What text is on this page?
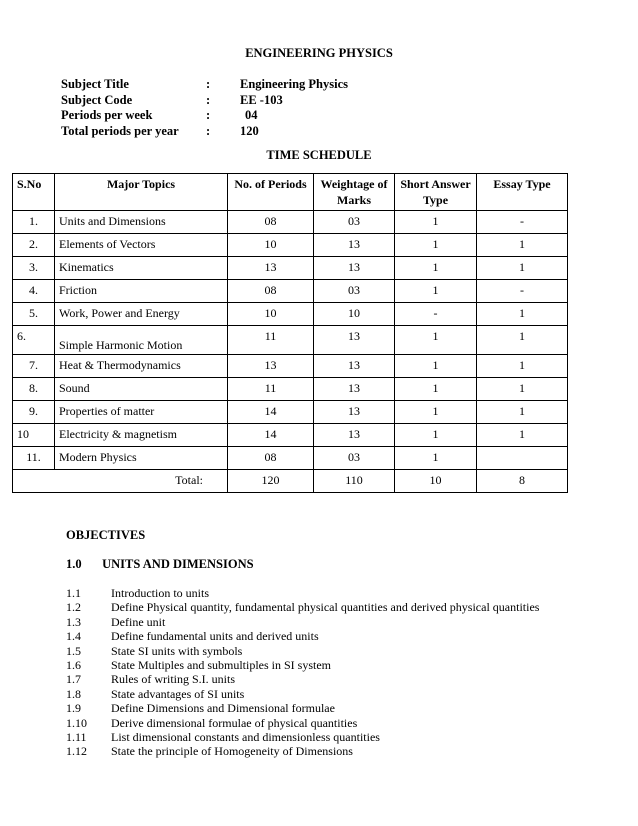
ENGINEERING PHYSICS
Subject Title	:	Engineering Physics
Subject Code	:	EE -103
Periods per week	:	04
Total periods per year	:	120
TIME SCHEDULE
S.No	Major Topics	No. of Periods	Weightage of Marks	Short Answer Type	Essay Type
1.	Units and Dimensions	08	03	1	-
2.	Elements of Vectors	10	13	1	1
3.	Kinematics	13	13	1	1
4.	Friction	08	03	1	-
5.	Work, Power and Energy	10	10	-	1
6.	Simple Harmonic Motion	11	13	1	1
7.	Heat & Thermodynamics	13	13	1	1
8.	Sound	11	13	1	1
9.	Properties of matter	14	13	1	1
10	Electricity & magnetism	14	13	1	1
11.	Modern Physics	08	03	1	
Total:		120	110	10	8
OBJECTIVES
1.0 UNITS AND DIMENSIONS
1.1	Introduction to units
1.2	Define Physical quantity, fundamental physical quantities and derived physical quantities
1.3	Define unit
1.4	Define fundamental units and derived units
1.5	State SI units with symbols
1.6	State Multiples and submultiples in SI system
1.7	Rules of writing S.I. units
1.8	State advantages of SI units
1.9	Define Dimensions and Dimensional formulae
1.10	Derive dimensional formulae of physical quantities
1.11	List dimensional constants and dimensionless quantities
1.12	State the principle of Homogeneity of Dimensions
